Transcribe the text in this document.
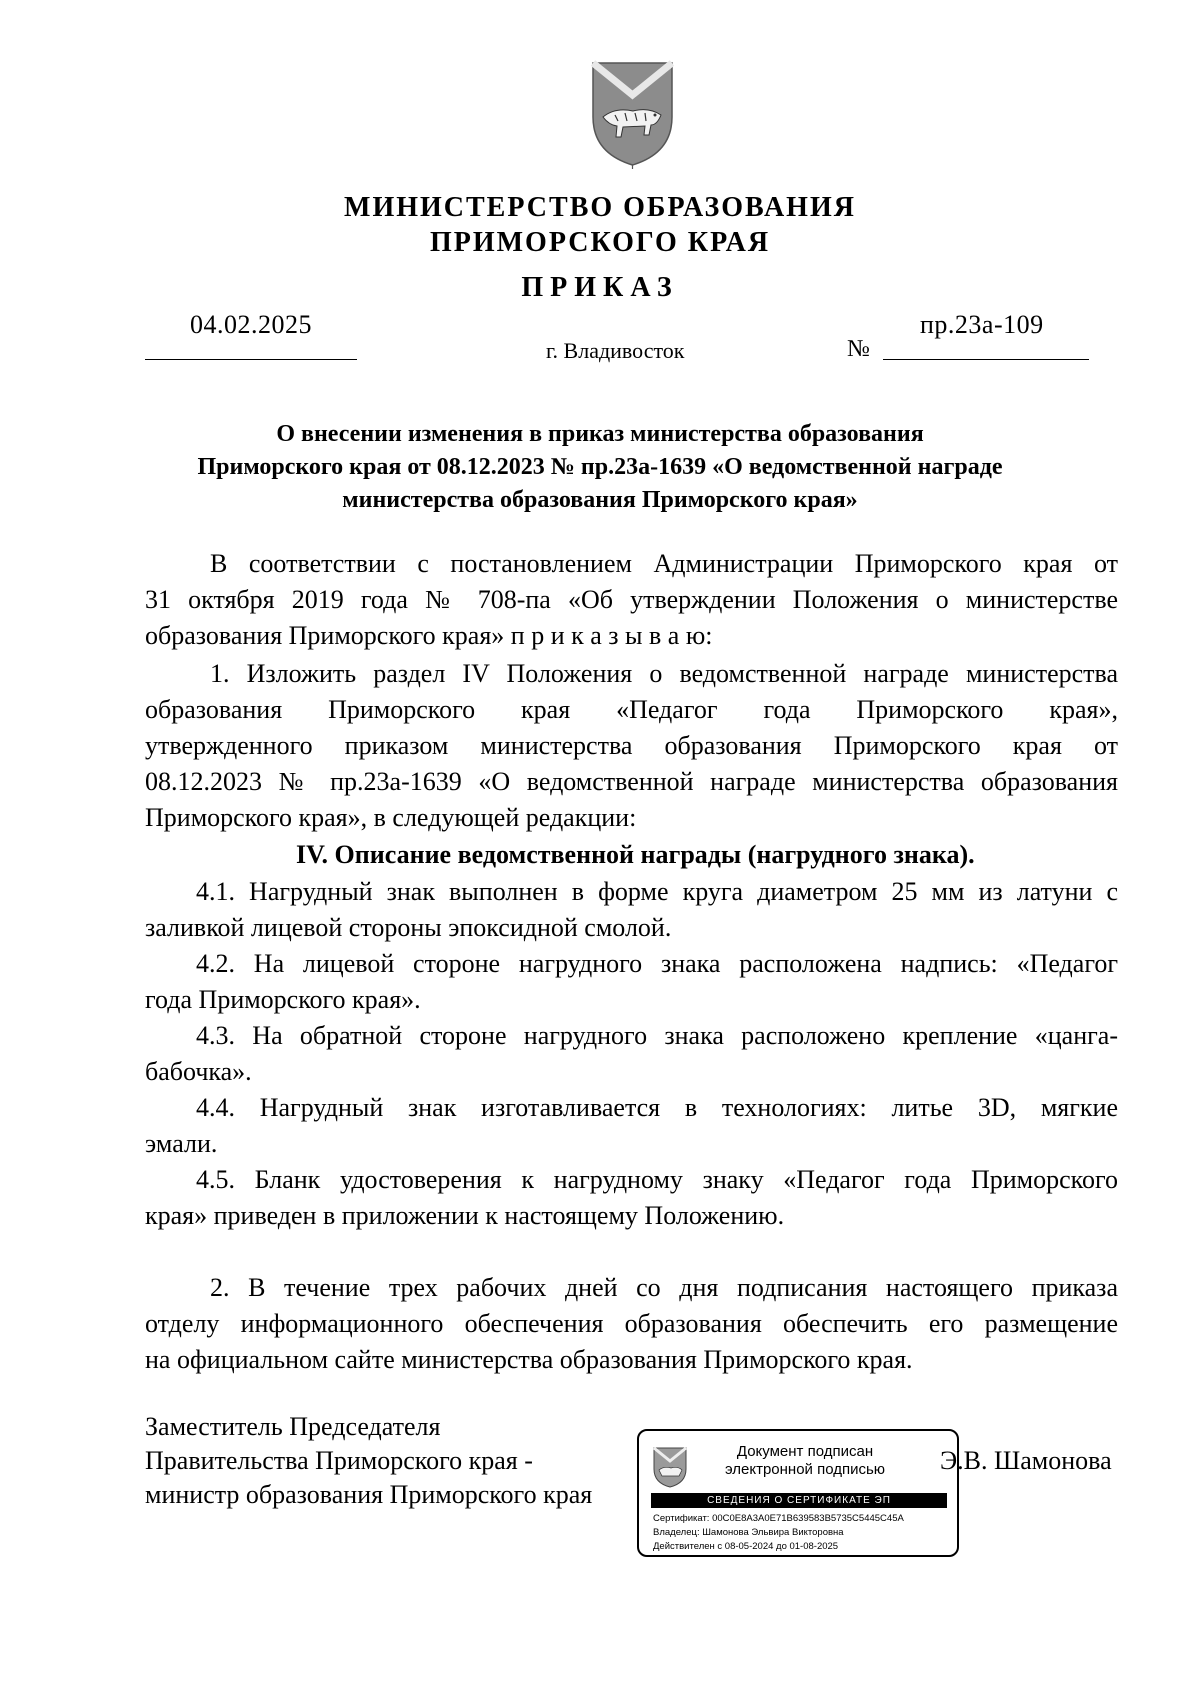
МИНИСТЕРСТВО ОБРАЗОВАНИЯ
ПРИМОРСКОГО КРАЯ
ПРИКАЗ
04.02.2025
г. Владивосток	№
пр.23а-109
О внесении изменения в приказ министерства образования
Приморского края от 08.12.2023 № пр.23а-1639 «О ведомственной награде
министерства образования Приморского края»
В соответствии с постановлением Администрации Приморского края от
31 октября 2019 года № 708-па «Об утверждении Положения о министерстве
образования Приморского края» п р и к а з ы в а ю:
1. Изложить раздел IV Положения о ведомственной награде министерства
образования Приморского края «Педагог года Приморского края»,
утвержденного приказом министерства образования Приморского края от
08.12.2023 № пр.23а-1639 «О ведомственной награде министерства образования
Приморского края», в следующей редакции:
IV. Описание ведомственной награды (нагрудного знака).
4.1. Нагрудный знак выполнен в форме круга диаметром 25 мм из латуни с
заливкой лицевой стороны эпоксидной смолой.
4.2. На лицевой стороне нагрудного знака расположена надпись: «Педагог
года Приморского края».
4.3. На обратной стороне нагрудного знака расположено крепление «цанга-
бабочка».
4.4. Нагрудный знак изготавливается в технологиях: литье 3D, мягкие
эмали.
4.5. Бланк удостоверения к нагрудному знаку «Педагог года Приморского
края» приведен в приложении к настоящему Положению.
2. В течение трех рабочих дней со дня подписания настоящего приказа
отделу информационного обеспечения образования обеспечить его размещение
на официальном сайте министерства образования Приморского края.
Заместитель Председателя
Правительства Приморского края -
министр образования Приморского края
Документ подписан
электронной подписью
СВЕДЕНИЯ О СЕРТИФИКАТЕ ЭП
Сертификат: 00C0E8A3A0E71B639583B5735C5445C45A
Владелец: Шамонова Эльвира Викторовна
Действителен с 08-05-2024 до 01-08-2025
Э.В. Шамонова
